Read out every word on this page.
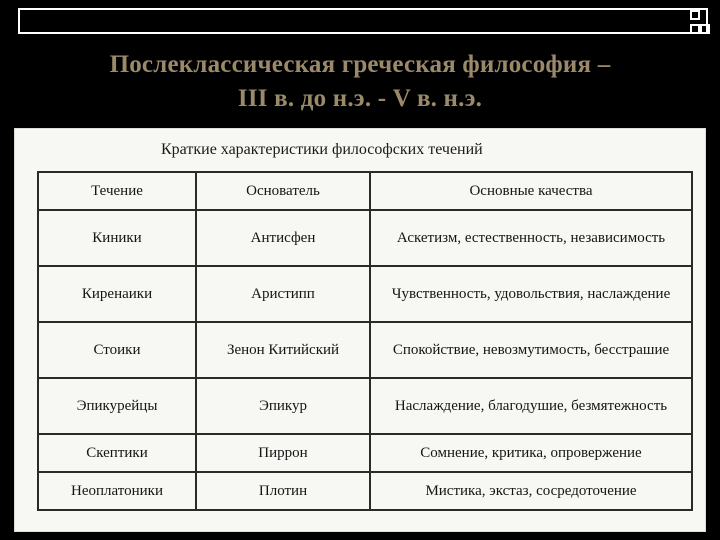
Послеклассическая греческая философия –
III в. до н.э. - V в. н.э.
Краткие характеристики философских течений
Течение	Основатель	Основные качества
Киники	Антисфен	Аскетизм, естественность, независимость
Киренаики	Аристипп	Чувственность, удовольствия, наслаждение
Стоики	Зенон Китийский	Спокойствие, невозмутимость, бесстрашие
Эпикурейцы	Эпикур	Наслаждение, благодушие, безмятежность
Скептики	Пиррон	Сомнение, критика, опровержение
Неоплатоники	Плотин	Мистика, экстаз, сосредоточение
